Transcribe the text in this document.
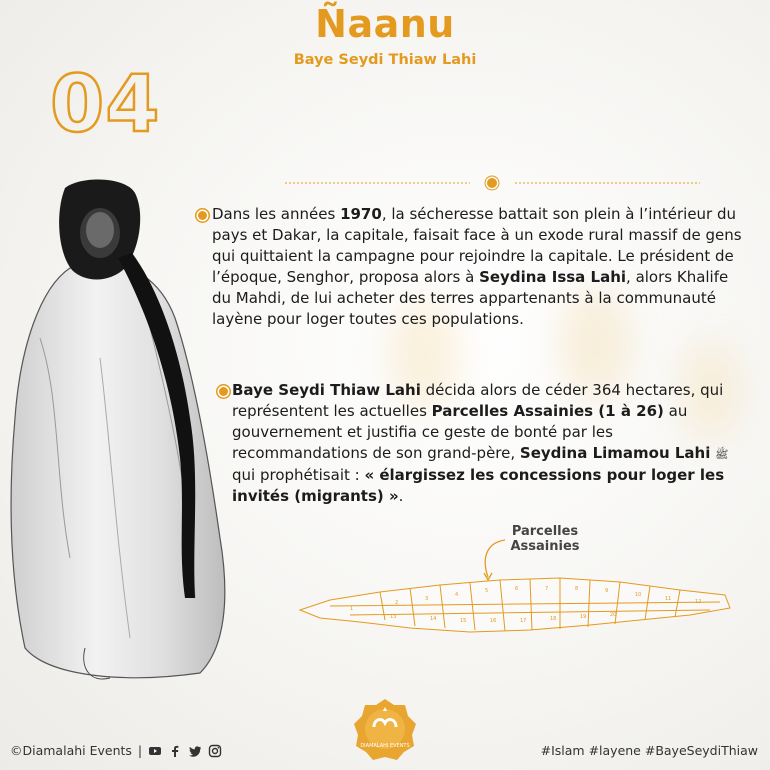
Ñaanu
Baye Seydi Thiaw Lahi
04
Dans les années 1970, la sécheresse battait son plein à l’intérieur du pays et Dakar, la capitale, faisait face à un exode rural massif de gens qui quittaient la campagne pour rejoindre la capitale. Le président de l’époque, Senghor, proposa alors à Seydina Issa Lahi, alors Khalife du Mahdi, de lui acheter des terres appartenants à la communauté layène pour loger toutes ces populations.
Baye Seydi Thiaw Lahi décida alors de céder 364 hectares, qui représentent les actuelles Parcelles Assainies (1 à 26) au gouvernement et justifia ce geste de bonté par les recommandations de son grand-père, Seydina Limamou Lahi ﷺ qui prophétisait : « élargissez les concessions pour loger les invités (migrants) ».
Parcelles
Assainies
1
2
3
4
5	6	7	8	9
10
11	12
13	14	15	16	17	18	19	20
DIAMALAHI EVENTS
©Diamalahi Events |	#Islam #layene #BayeSeydiThiaw
